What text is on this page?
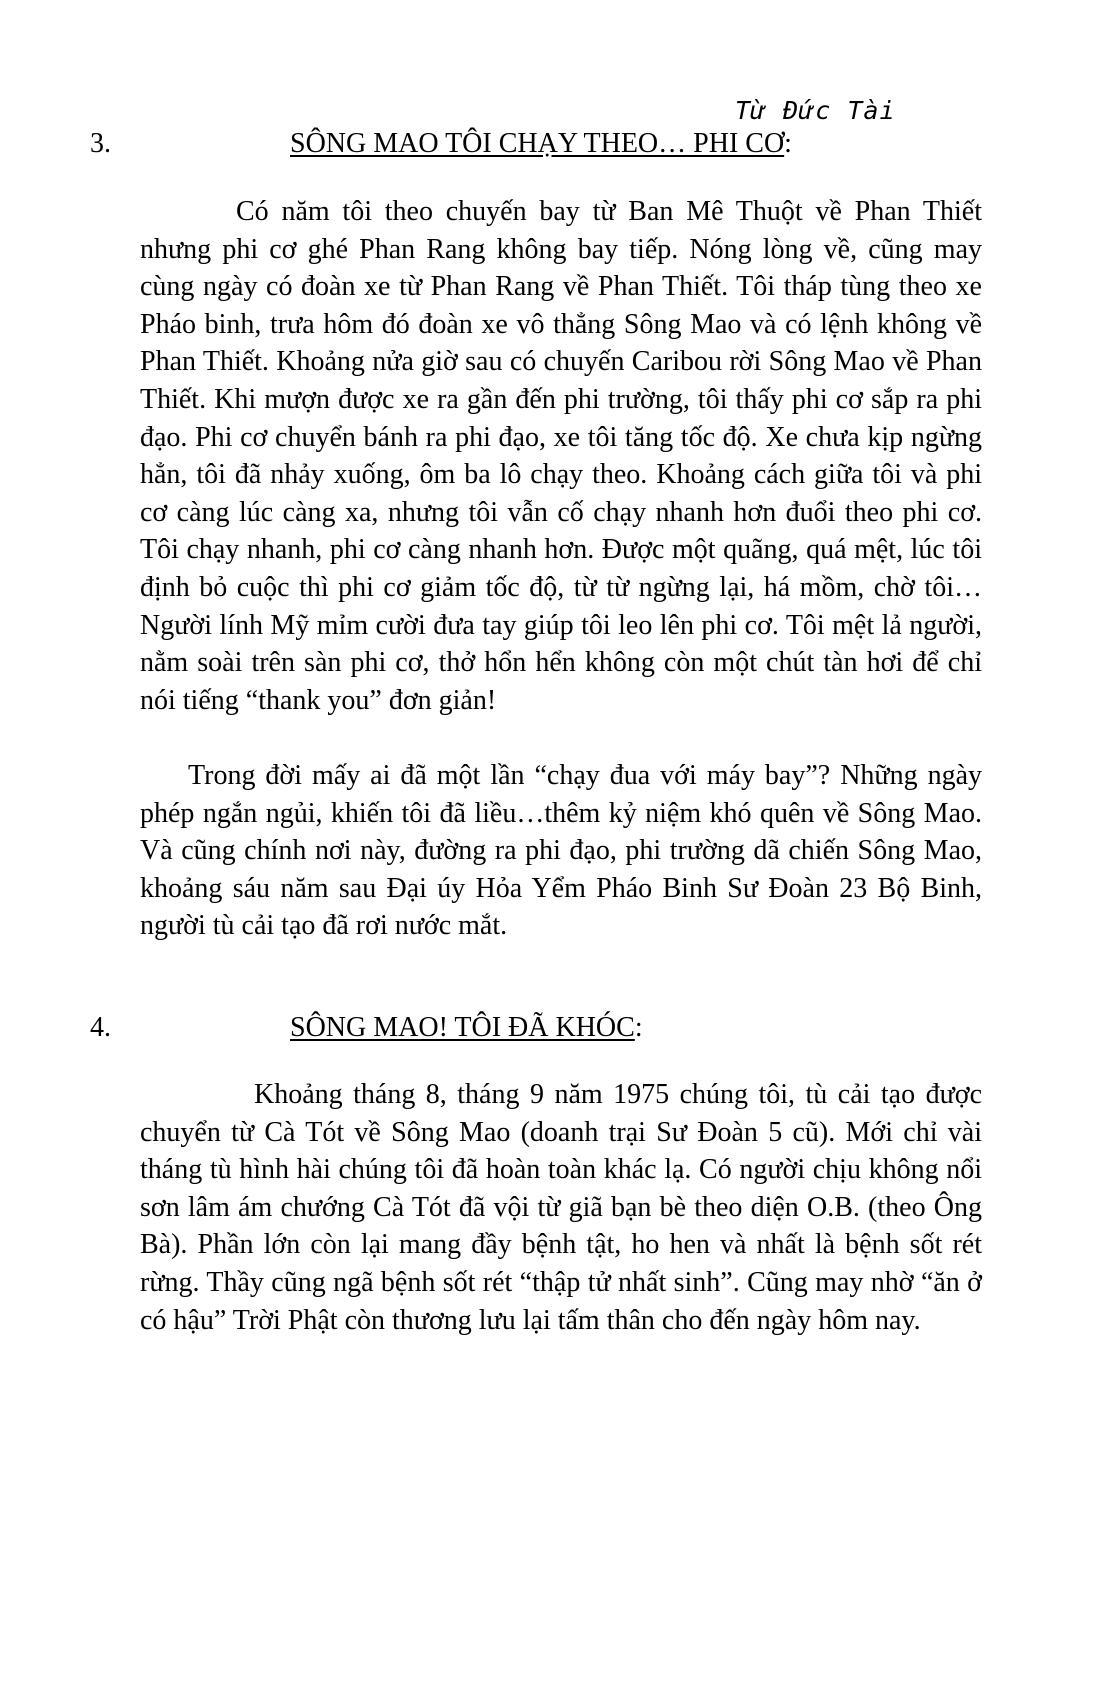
Từ Đức Tài
3.	SÔNG MAO TÔI CHẠY THEO… PHI CƠ:

Có năm tôi theo chuyến bay từ Ban Mê Thuột về Phan Thiết nhưng phi cơ ghé Phan Rang không bay tiếp. Nóng lòng về, cũng may cùng ngày có đoàn xe từ Phan Rang về Phan Thiết. Tôi tháp tùng theo xe Pháo binh, trưa hôm đó đoàn xe vô thẳng Sông Mao và có lệnh không về Phan Thiết. Khoảng nửa giờ sau có chuyến Caribou rời Sông Mao về Phan Thiết. Khi mượn được xe ra gần đến phi trường, tôi thấy phi cơ sắp ra phi đạo. Phi cơ chuyển bánh ra phi đạo, xe tôi tăng tốc độ. Xe chưa kịp ngừng hẳn, tôi đã nhảy xuống, ôm ba lô chạy theo. Khoảng cách giữa tôi và phi cơ càng lúc càng xa, nhưng tôi vẫn cố chạy nhanh hơn đuổi theo phi cơ. Tôi chạy nhanh, phi cơ càng nhanh hơn. Được một quãng, quá mệt, lúc tôi định bỏ cuộc thì phi cơ giảm tốc độ, từ từ ngừng lại, há mồm, chờ tôi…Người lính Mỹ mỉm cười đưa tay giúp tôi leo lên phi cơ. Tôi mệt lả người, nằm soài trên sàn phi cơ, thở hổn hển không còn một chút tàn hơi để chỉ nói tiếng “thank you” đơn giản!

Trong đời mấy ai đã một lần “chạy đua với máy bay”? Những ngày phép ngắn ngủi, khiến tôi đã liều…thêm kỷ niệm khó quên về Sông Mao. Và cũng chính nơi này, đường ra phi đạo, phi trường dã chiến Sông Mao, khoảng sáu năm sau Đại úy Hỏa Yểm Pháo Binh Sư Đoàn 23 Bộ Binh, người tù cải tạo đã rơi nước mắt.

4.	SÔNG MAO! TÔI ĐÃ KHÓC:

Khoảng tháng 8, tháng 9 năm 1975 chúng tôi, tù cải tạo được chuyển từ Cà Tót về Sông Mao (doanh trại Sư Đoàn 5 cũ). Mới chỉ vài tháng tù hình hài chúng tôi đã hoàn toàn khác lạ. Có người chịu không nổi sơn lâm ám chướng Cà Tót đã vội từ giã bạn bè theo diện O.B. (theo Ông Bà). Phần lớn còn lại mang đầy bệnh tật, ho hen và nhất là bệnh sốt rét rừng. Thầy cũng ngã bệnh sốt rét “thập tử nhất sinh”. Cũng may nhờ “ăn ở có hậu” Trời Phật còn thương lưu lại tấm thân cho đến ngày hôm nay.
